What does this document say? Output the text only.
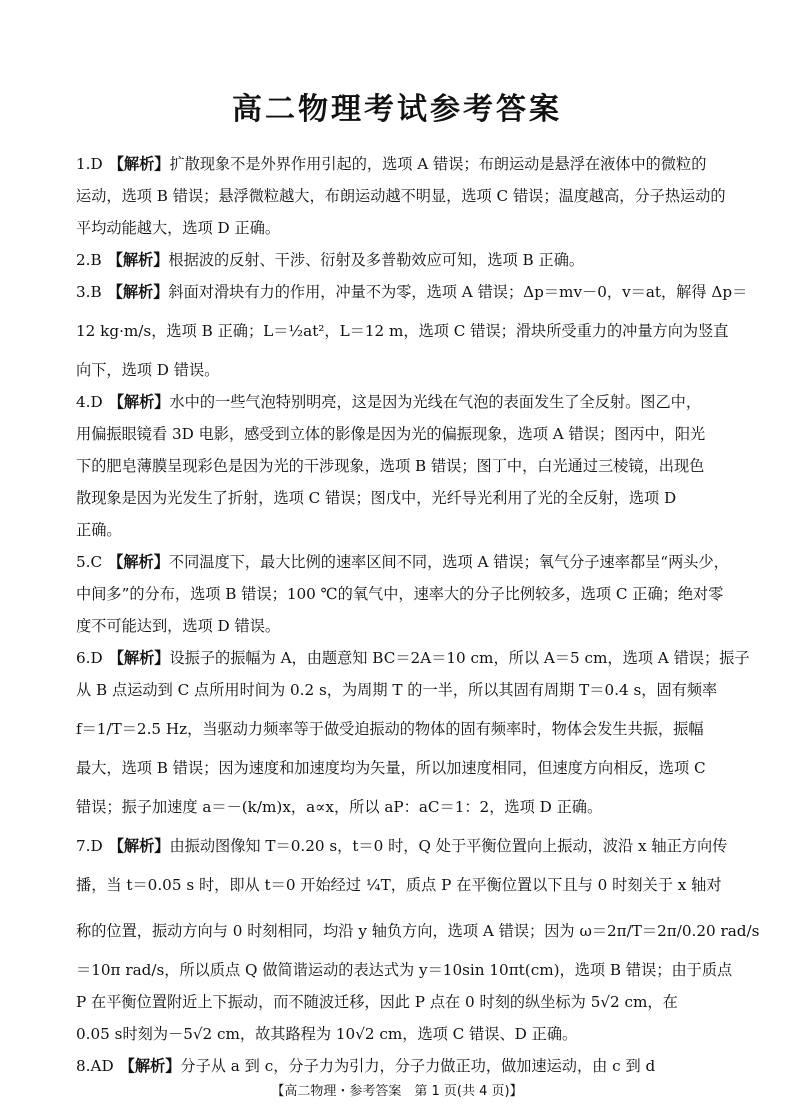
高二物理考试参考答案
1.D 【解析】扩散现象不是外界作用引起的，选项 A 错误；布朗运动是悬浮在液体中的微粒的
运动，选项 B 错误；悬浮微粒越大，布朗运动越不明显，选项 C 错误；温度越高，分子热运动的
平均动能越大，选项 D 正确。
2.B 【解析】根据波的反射、干涉、衍射及多普勒效应可知，选项 B 正确。
3.B 【解析】斜面对滑块有力的作用，冲量不为零，选项 A 错误；Δp＝mv－0，v＝at，解得 Δp＝
12 kg·m/s，选项 B 正确；L＝½at²，L＝12 m，选项 C 错误；滑块所受重力的冲量方向为竖直
向下，选项 D 错误。
4.D 【解析】水中的一些气泡特别明亮，这是因为光线在气泡的表面发生了全反射。图乙中，
用偏振眼镜看 3D 电影，感受到立体的影像是因为光的偏振现象，选项 A 错误；图丙中，阳光
下的肥皂薄膜呈现彩色是因为光的干涉现象，选项 B 错误；图丁中，白光通过三棱镜，出现色
散现象是因为光发生了折射，选项 C 错误；图戊中，光纤导光利用了光的全反射，选项 D
正确。
5.C 【解析】不同温度下，最大比例的速率区间不同，选项 A 错误；氧气分子速率都呈“两头少，
中间多”的分布，选项 B 错误；100 ℃的氧气中，速率大的分子比例较多，选项 C 正确；绝对零
度不可能达到，选项 D 错误。
6.D 【解析】设振子的振幅为 A，由题意知 BC＝2A＝10 cm，所以 A＝5 cm，选项 A 错误；振子
从 B 点运动到 C 点所用时间为 0.2 s，为周期 T 的一半，所以其固有周期 T＝0.4 s，固有频率
f＝1/T＝2.5 Hz，当驱动力频率等于做受迫振动的物体的固有频率时，物体会发生共振，振幅
最大，选项 B 错误；因为速度和加速度均为矢量，所以加速度相同，但速度方向相反，选项 C
错误；振子加速度 a＝－(k/m)x，a∝x，所以 aP：aC＝1：2，选项 D 正确。
7.D 【解析】由振动图像知 T＝0.20 s，t＝0 时，Q 处于平衡位置向上振动，波沿 x 轴正方向传
播，当 t＝0.05 s 时，即从 t＝0 开始经过 ¼T，质点 P 在平衡位置以下且与 0 时刻关于 x 轴对
称的位置，振动方向与 0 时刻相同，均沿 y 轴负方向，选项 A 错误；因为 ω＝2π/T＝2π/0.20 rad/s
＝10π rad/s，所以质点 Q 做简谐运动的表达式为 y＝10sin 10πt(cm)，选项 B 错误；由于质点
P 在平衡位置附近上下振动，而不随波迁移，因此 P 点在 0 时刻的纵坐标为 5√2 cm，在
0.05 s时刻为－5√2 cm，故其路程为 10√2 cm，选项 C 错误、D 正确。
8.AD 【解析】分子从 a 到 c，分子力为引力，分子力做正功，做加速运动，由 c 到 d
【高二物理・参考答案　第 1 页(共 4 页)】
